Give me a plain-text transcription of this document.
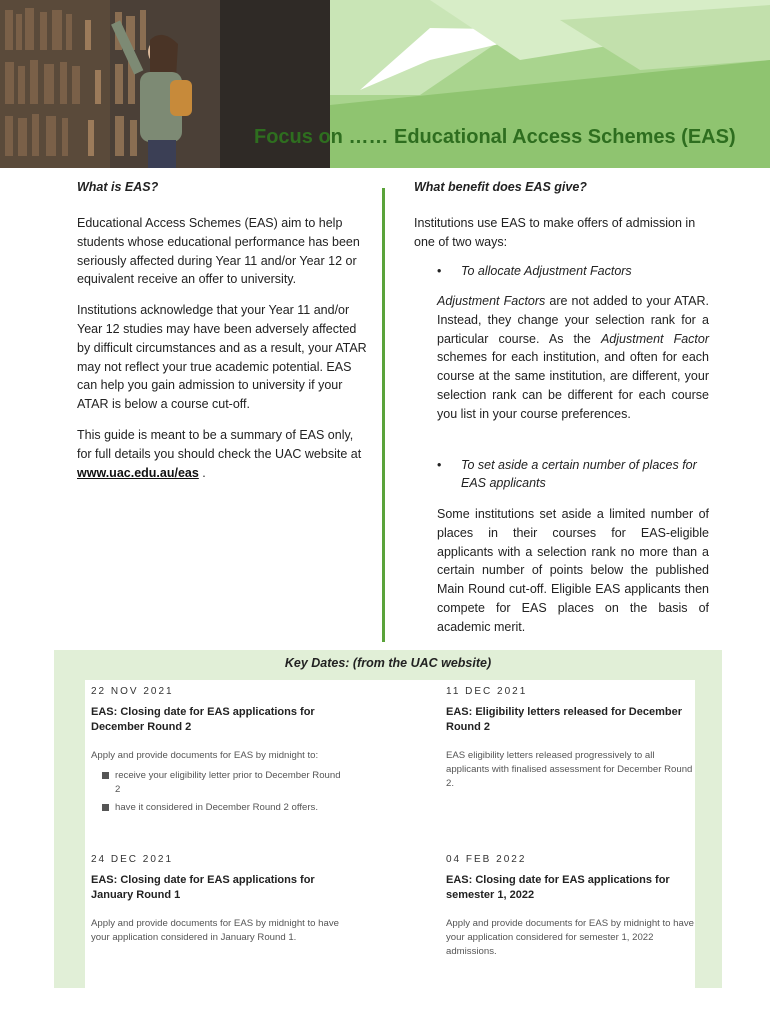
Focus on …… Educational Access Schemes (EAS)
What is EAS?

Educational Access Schemes (EAS) aim to help students whose educational performance has been seriously affected during Year 11 and/or Year 12 or equivalent receive an offer to university.

Institutions acknowledge that your Year 11 and/or Year 12 studies may have been adversely affected by difficult circumstances and as a result, your ATAR may not reflect your true academic potential. EAS can help you gain admission to university if your ATAR is below a course cut-off.

This guide is meant to be a summary of EAS only, for full details you should check the UAC website at www.uac.edu.au/eas .

What benefit does EAS give?

Institutions use EAS to make offers of admission in one of two ways:

•	To allocate Adjustment Factors
Adjustment Factors are not added to your ATAR. Instead, they change your selection rank for a particular course. As the Adjustment Factor schemes for each institution, and often for each course at the same institution, are different, your selection rank can be different for each course you list in your course preferences.
•	To set aside a certain number of places for EAS applicants
Some institutions set aside a limited number of places in their courses for EAS-eligible applicants with a selection rank no more than a certain number of points below the published Main Round cut-off. Eligible EAS applicants then compete for EAS places on the basis of academic merit.
Key Dates: (from the UAC website)
22 NOV 2021
EAS: Closing date for EAS applications for December Round 2
Apply and provide documents for EAS by midnight to:
receive your eligibility letter prior to December Round 2
have it considered in December Round 2 offers.
11 DEC 2021
EAS: Eligibility letters released for December Round 2
EAS eligibility letters released progressively to all applicants with finalised assessment for December Round 2.
24 DEC 2021
EAS: Closing date for EAS applications for January Round 1
Apply and provide documents for EAS by midnight to have your application considered in January Round 1.
04 FEB 2022
EAS: Closing date for EAS applications for semester 1, 2022
Apply and provide documents for EAS by midnight to have your application considered for semester 1, 2022 admissions.
